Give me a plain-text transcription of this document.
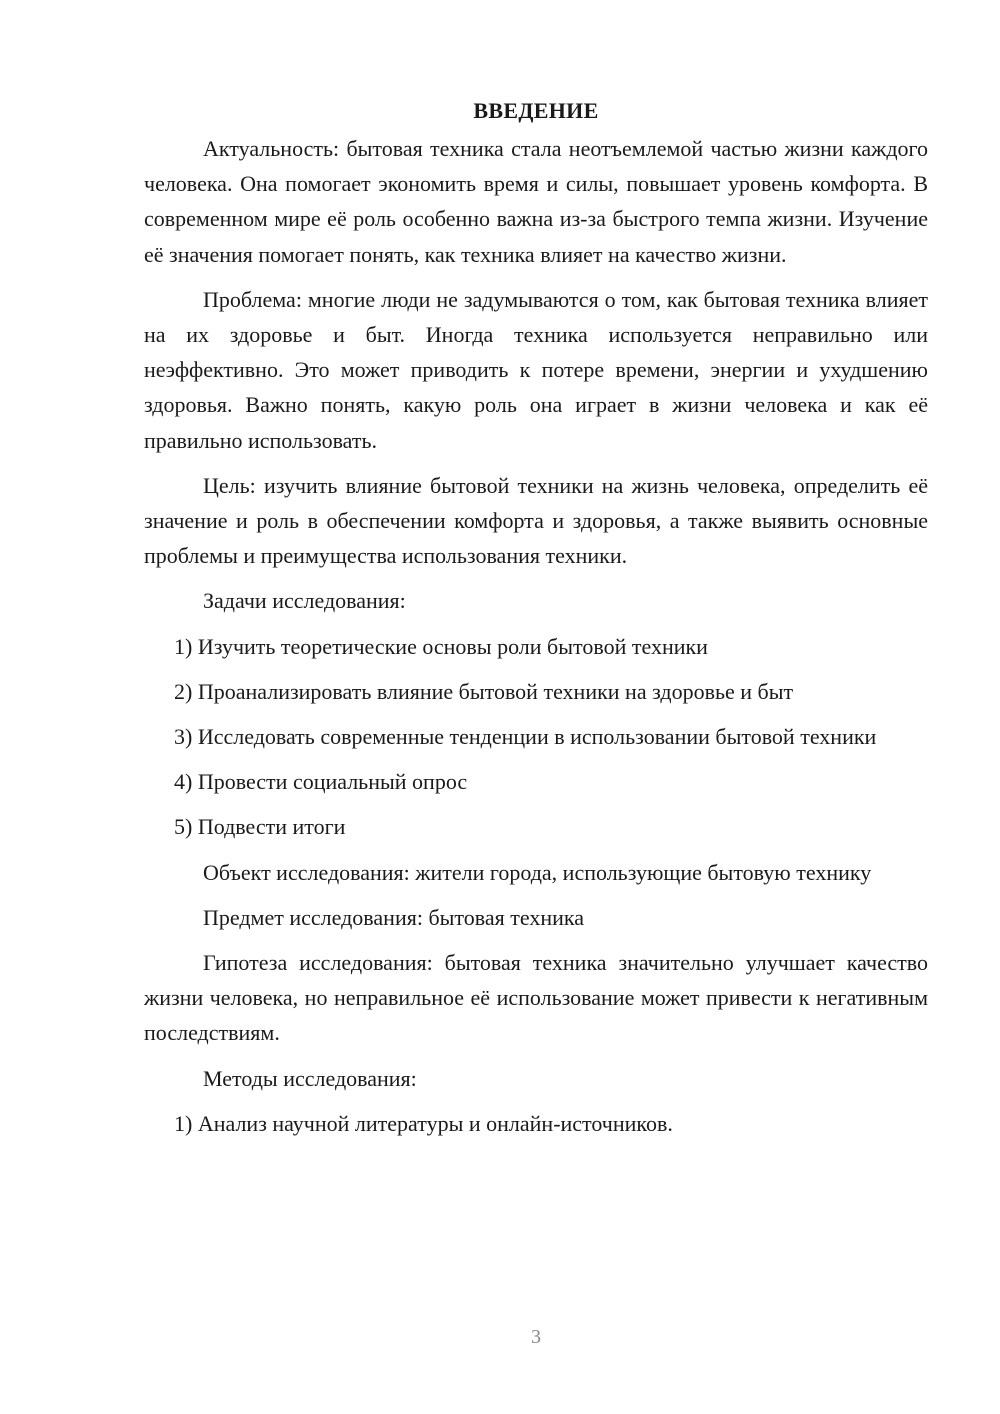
ВВЕДЕНИЕ

Актуальность: бытовая техника стала неотъемлемой частью жизни каждого человека. Она помогает экономить время и силы, повышает уровень комфорта. В современном мире её роль особенно важна из-за быстрого темпа жизни. Изучение её значения помогает понять, как техника влияет на качество жизни.

Проблема: многие люди не задумываются о том, как бытовая техника влияет на их здоровье и быт. Иногда техника используется неправильно или неэффективно. Это может приводить к потере времени, энергии и ухудшению здоровья. Важно понять, какую роль она играет в жизни человека и как её правильно использовать.

Цель: изучить влияние бытовой техники на жизнь человека, определить её значение и роль в обеспечении комфорта и здоровья, а также выявить основные проблемы и преимущества использования техники.

Задачи исследования:

1) Изучить теоретические основы роли бытовой техники

2) Проанализировать влияние бытовой техники на здоровье и быт

3) Исследовать современные тенденции в использовании бытовой техники

4) Провести социальный опрос

5) Подвести итоги

Объект исследования: жители города, использующие бытовую технику

Предмет исследования: бытовая техника

Гипотеза исследования: бытовая техника значительно улучшает качество жизни человека, но неправильное её использование может привести к негативным последствиям.

Методы исследования:

1) Анализ научной литературы и онлайн-источников.

3
